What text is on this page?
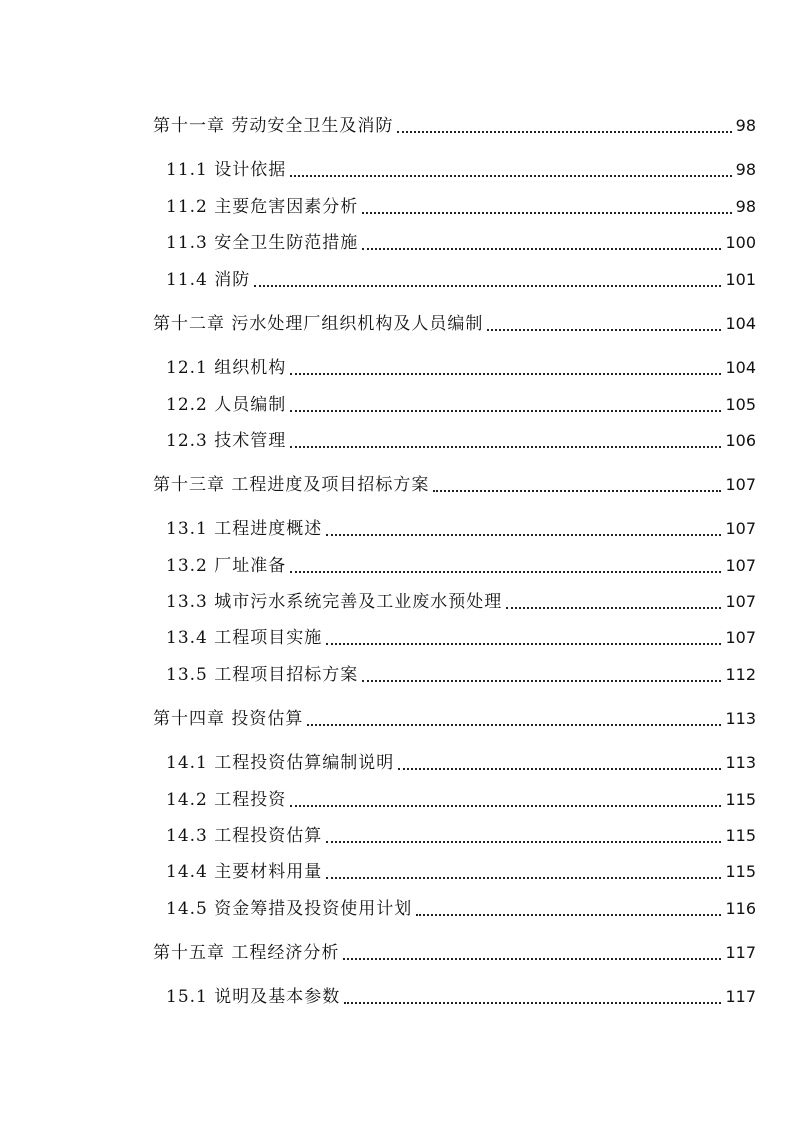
第十一章 劳动安全卫生及消防	98
11.1 设计依据	98
11.2 主要危害因素分析	98
11.3 安全卫生防范措施	100
11.4 消防	101
第十二章 污水处理厂组织机构及人员编制	104
12.1 组织机构	104
12.2 人员编制	105
12.3 技术管理	106
第十三章 工程进度及项目招标方案	107
13.1 工程进度概述	107
13.2 厂址准备	107
13.3 城市污水系统完善及工业废水预处理	107
13.4 工程项目实施	107
13.5 工程项目招标方案	112
第十四章 投资估算	113
14.1 工程投资估算编制说明	113
14.2 工程投资	115
14.3 工程投资估算	115
14.4 主要材料用量	115
14.5 资金筹措及投资使用计划	116
第十五章 工程经济分析	117
15.1 说明及基本参数	117
